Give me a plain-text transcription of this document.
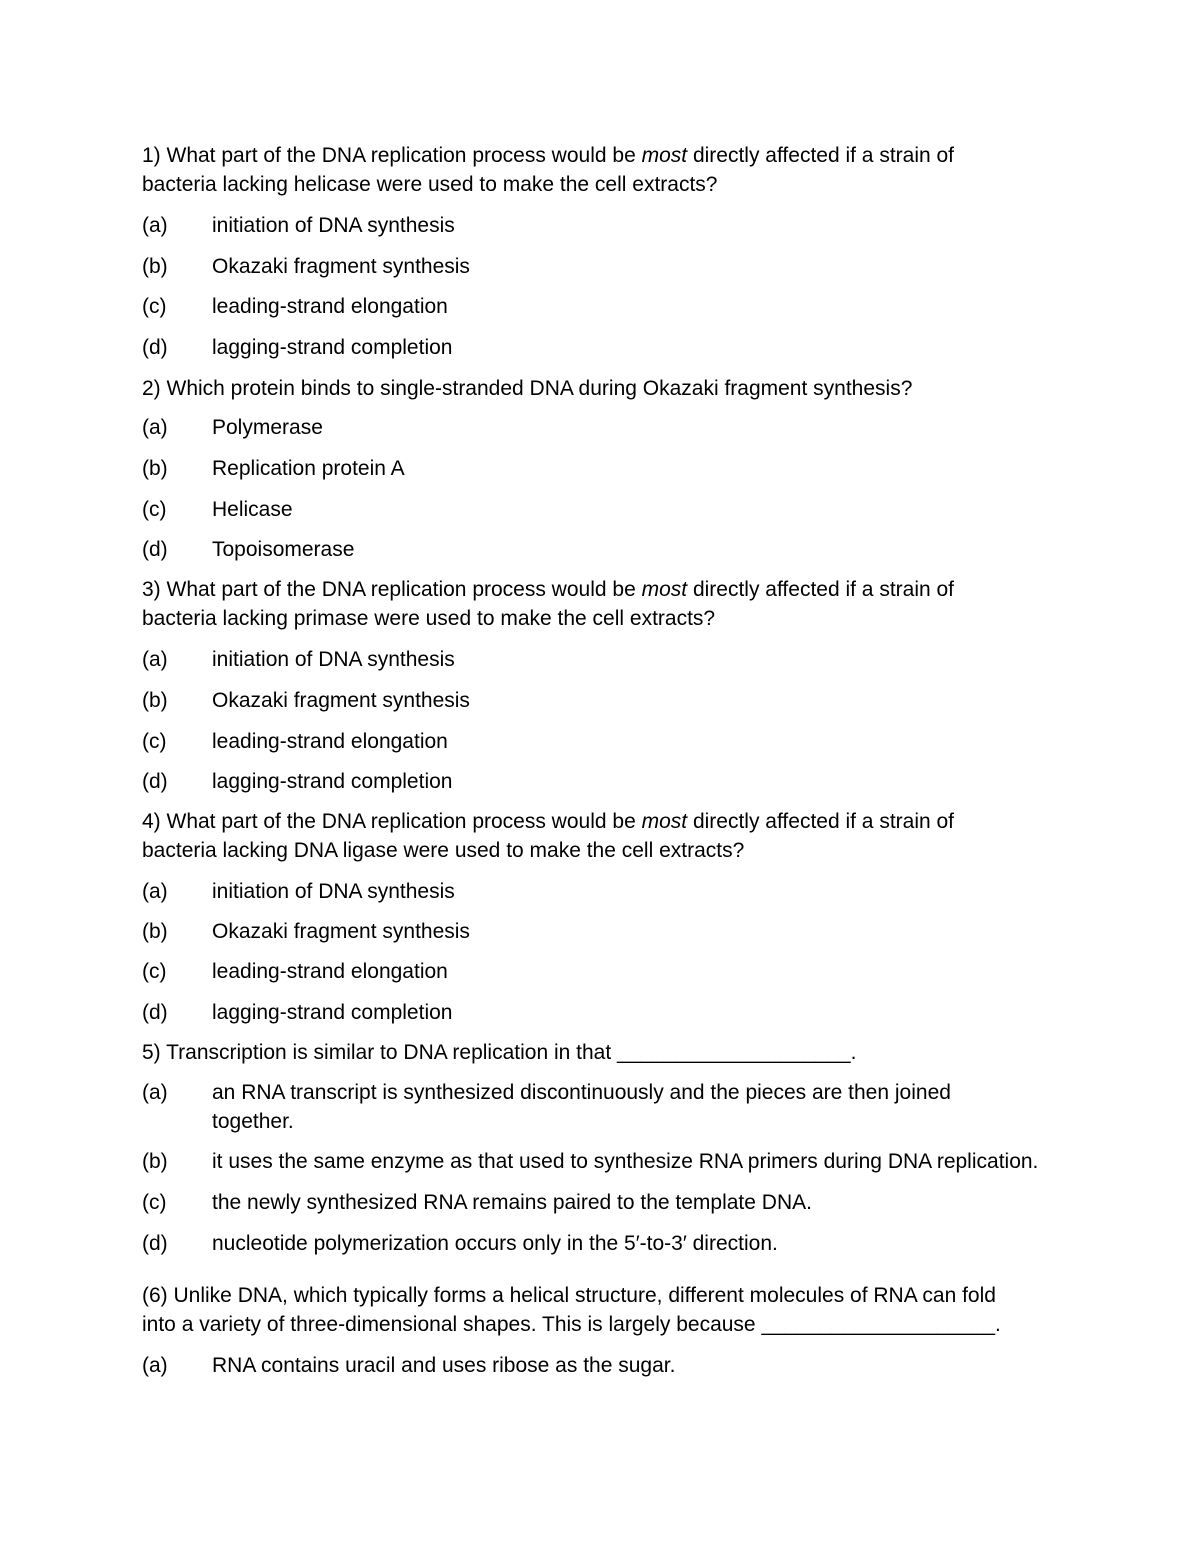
1) What part of the DNA replication process would be most directly affected if a strain of
bacteria lacking helicase were used to make the cell extracts?
(a) initiation of DNA synthesis
(b) Okazaki fragment synthesis
(c) leading-strand elongation
(d) lagging-strand completion
2) Which protein binds to single-stranded DNA during Okazaki fragment synthesis?
(a) Polymerase
(b) Replication protein A
(c) Helicase
(d) Topoisomerase
3) What part of the DNA replication process would be most directly affected if a strain of
bacteria lacking primase were used to make the cell extracts?
(a) initiation of DNA synthesis
(b) Okazaki fragment synthesis
(c) leading-strand elongation
(d) lagging-strand completion
4) What part of the DNA replication process would be most directly affected if a strain of
bacteria lacking DNA ligase were used to make the cell extracts?
(a) initiation of DNA synthesis
(b) Okazaki fragment synthesis
(c) leading-strand elongation
(d) lagging-strand completion
5) Transcription is similar to DNA replication in that ____________________.
(a) an RNA transcript is synthesized discontinuously and the pieces are then joined together.
(b) it uses the same enzyme as that used to synthesize RNA primers during DNA replication.
(c) the newly synthesized RNA remains paired to the template DNA.
(d) nucleotide polymerization occurs only in the 5′-to-3′ direction.
(6) Unlike DNA, which typically forms a helical structure, different molecules of RNA can fold
into a variety of three-dimensional shapes. This is largely because ____________________.
(a) RNA contains uracil and uses ribose as the sugar.
